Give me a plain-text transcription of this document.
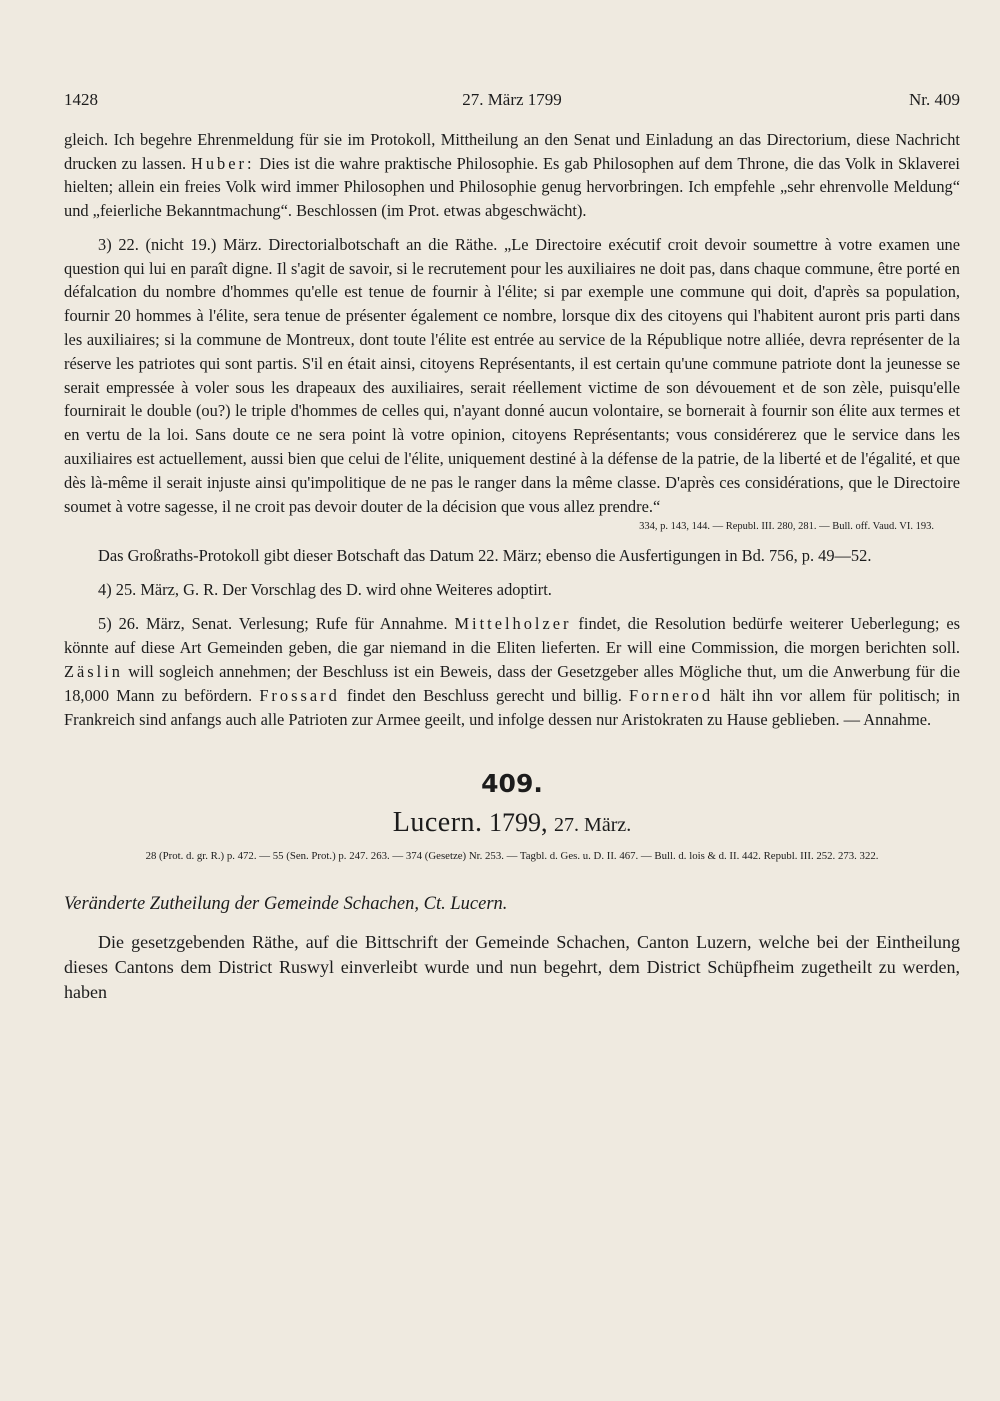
1428	27. März 1799	Nr. 409

gleich. Ich begehre Ehrenmeldung für sie im Protokoll, Mittheilung an den Senat und Einladung an das Directorium, diese Nachricht drucken zu lassen. Huber: Dies ist die wahre praktische Philosophie. Es gab Philosophen auf dem Throne, die das Volk in Sklaverei hielten; allein ein freies Volk wird immer Philosophen und Philosophie genug hervorbringen. Ich empfehle „sehr ehrenvolle Meldung“ und „feierliche Bekanntmachung“. Beschlossen (im Prot. etwas abgeschwächt).

3) 22. (nicht 19.) März. Directorialbotschaft an die Räthe. „Le Directoire exécutif croit devoir soumettre à votre examen une question qui lui en paraît digne. Il s'agit de savoir, si le recrutement pour les auxiliaires ne doit pas, dans chaque commune, être porté en défalcation du nombre d'hommes qu'elle est tenue de fournir à l'élite; si par exemple une commune qui doit, d'après sa population, fournir 20 hommes à l'élite, sera tenue de présenter également ce nombre, lorsque dix des citoyens qui l'habitent auront pris parti dans les auxiliaires; si la commune de Montreux, dont toute l'élite est entrée au service de la République notre alliée, devra représenter de la réserve les patriotes qui sont partis. S'il en était ainsi, citoyens Représentants, il est certain qu'une commune patriote dont la jeunesse se serait empressée à voler sous les drapeaux des auxiliaires, serait réellement victime de son dévouement et de son zèle, puisqu'elle fournirait le double (ou?) le triple d'hommes de celles qui, n'ayant donné aucun volontaire, se bornerait à fournir son élite aux termes et en vertu de la loi. Sans doute ce ne sera point là votre opinion, citoyens Représentants; vous considérerez que le service dans les auxiliaires est actuellement, aussi bien que celui de l'élite, uniquement destiné à la défense de la patrie, de la liberté et de l'égalité, et que dès là-même il serait injuste ainsi qu'impolitique de ne pas le ranger dans la même classe. D'après ces considérations, que le Directoire soumet à votre sagesse, il ne croit pas devoir douter de la décision que vous allez prendre.“

334, p. 143, 144. — Republ. III. 280, 281. — Bull. off. Vaud. VI. 193.

Das Großraths-Protokoll gibt dieser Botschaft das Datum 22. März; ebenso die Ausfertigungen in Bd. 756, p. 49—52.

4) 25. März, G. R. Der Vorschlag des D. wird ohne Weiteres adoptirt.

5) 26. März, Senat. Verlesung; Rufe für Annahme. Mittelholzer findet, die Resolution bedürfe weiterer Ueberlegung; es könnte auf diese Art Gemeinden geben, die gar niemand in die Eliten lieferten. Er will eine Commission, die morgen berichten soll. Zäslin will sogleich annehmen; der Beschluss ist ein Beweis, dass der Gesetzgeber alles Mögliche thut, um die Anwerbung für die 18,000 Mann zu befördern. Frossard findet den Beschluss gerecht und billig. Fornerod hält ihn vor allem für politisch; in Frankreich sind anfangs auch alle Patrioten zur Armee geeilt, und infolge dessen nur Aristokraten zu Hause geblieben. — Annahme.

409.
Lucern. 1799, 27. März.
28 (Prot. d. gr. R.) p. 472. — 55 (Sen. Prot.) p. 247. 263. — 374 (Gesetze) Nr. 253. — Tagbl. d. Ges. u. D. II. 467. — Bull. d. lois & d. II. 442. Republ. III. 252. 273. 322.
Veränderte Zutheilung der Gemeinde Schachen, Ct. Lucern.

Die gesetzgebenden Räthe, auf die Bittschrift der Gemeinde Schachen, Canton Luzern, welche bei der Eintheilung dieses Cantons dem District Ruswyl einverleibt wurde und nun begehrt, dem District Schüpfheim zugetheilt zu werden, haben
